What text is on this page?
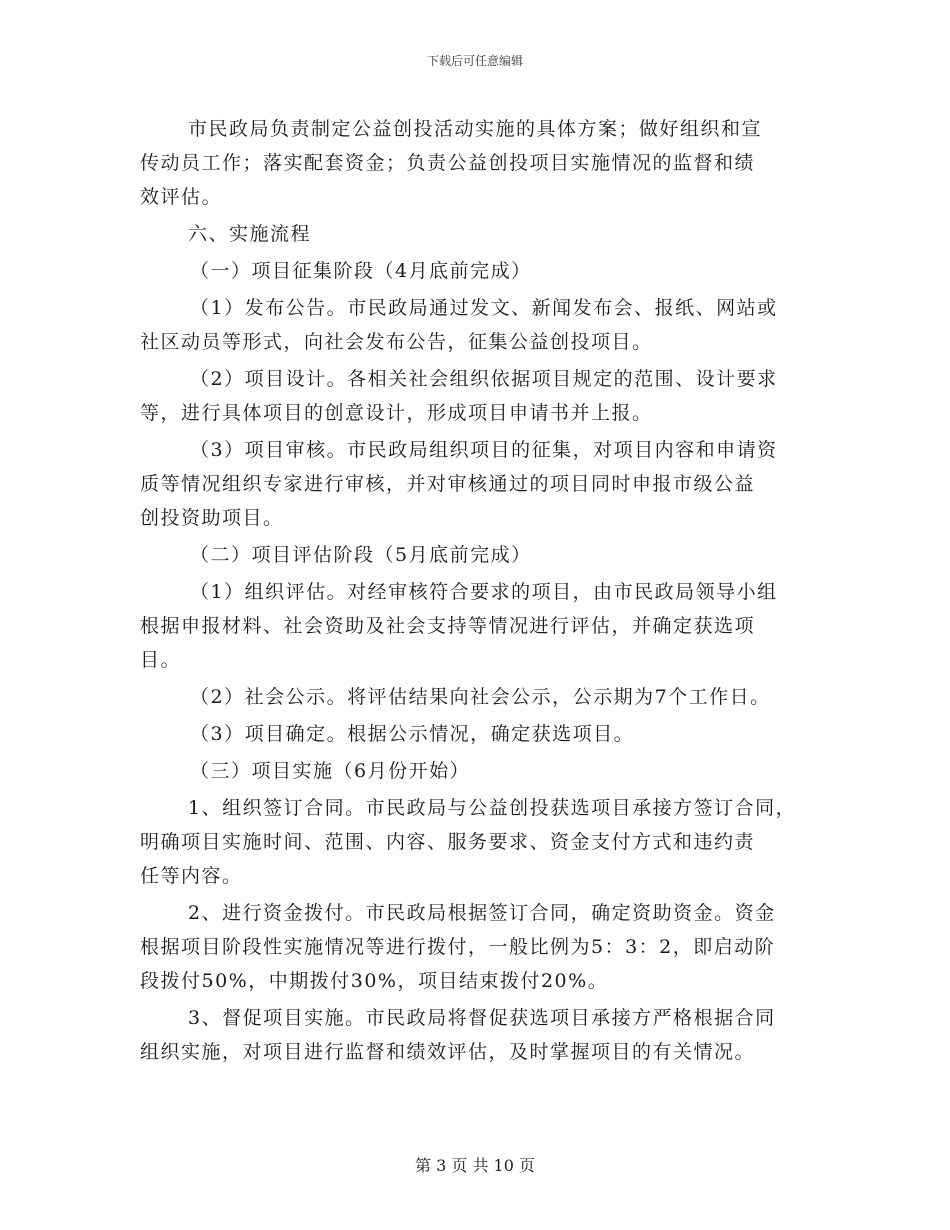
下载后可任意编辑
市民政局负责制定公益创投活动实施的具体方案；做好组织和宣
传动员工作；落实配套资金；负责公益创投项目实施情况的监督和绩
效评估。
六、实施流程
（一）项目征集阶段（4月底前完成）
（1）发布公告。市民政局通过发文、新闻发布会、报纸、网站或
社区动员等形式，向社会发布公告，征集公益创投项目。
（2）项目设计。各相关社会组织依据项目规定的范围、设计要求
等，进行具体项目的创意设计，形成项目申请书并上报。
（3）项目审核。市民政局组织项目的征集，对项目内容和申请资
质等情况组织专家进行审核，并对审核通过的项目同时申报市级公益
创投资助项目。
（二）项目评估阶段（5月底前完成）
（1）组织评估。对经审核符合要求的项目，由市民政局领导小组
根据申报材料、社会资助及社会支持等情况进行评估，并确定获选项
目。
（2）社会公示。将评估结果向社会公示，公示期为7个工作日。
（3）项目确定。根据公示情况，确定获选项目。
（三）项目实施（6月份开始）
1、组织签订合同。市民政局与公益创投获选项目承接方签订合同，
明确项目实施时间、范围、内容、服务要求、资金支付方式和违约责
任等内容。
2、进行资金拨付。市民政局根据签订合同，确定资助资金。资金
根据项目阶段性实施情况等进行拨付，一般比例为5：3：2，即启动阶
段拨付50%，中期拨付30%，项目结束拨付20%。
3、督促项目实施。市民政局将督促获选项目承接方严格根据合同
组织实施，对项目进行监督和绩效评估，及时掌握项目的有关情况。
第 3 页 共 10 页
